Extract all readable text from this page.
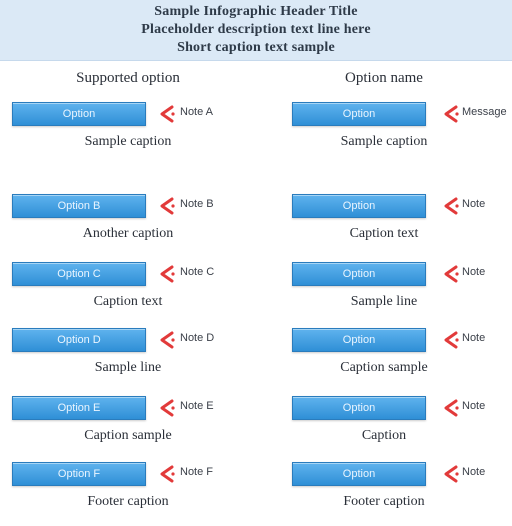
Sample Infographic Header Title
Placeholder description text line here
Short caption text sample
Supported option
Option	Note A
Sample caption
Option B	Note B
Another caption
Option C	Note C
Caption text
Option D	Note D
Sample line
Option E	Note E
Caption sample
Option F	Note F
Footer caption
Option name
Option	Message
Sample caption
Option	Note
Caption text
Option	Note
Sample line
Option	Note
Caption sample
Option	Note
Caption
Option	Note
Footer caption
